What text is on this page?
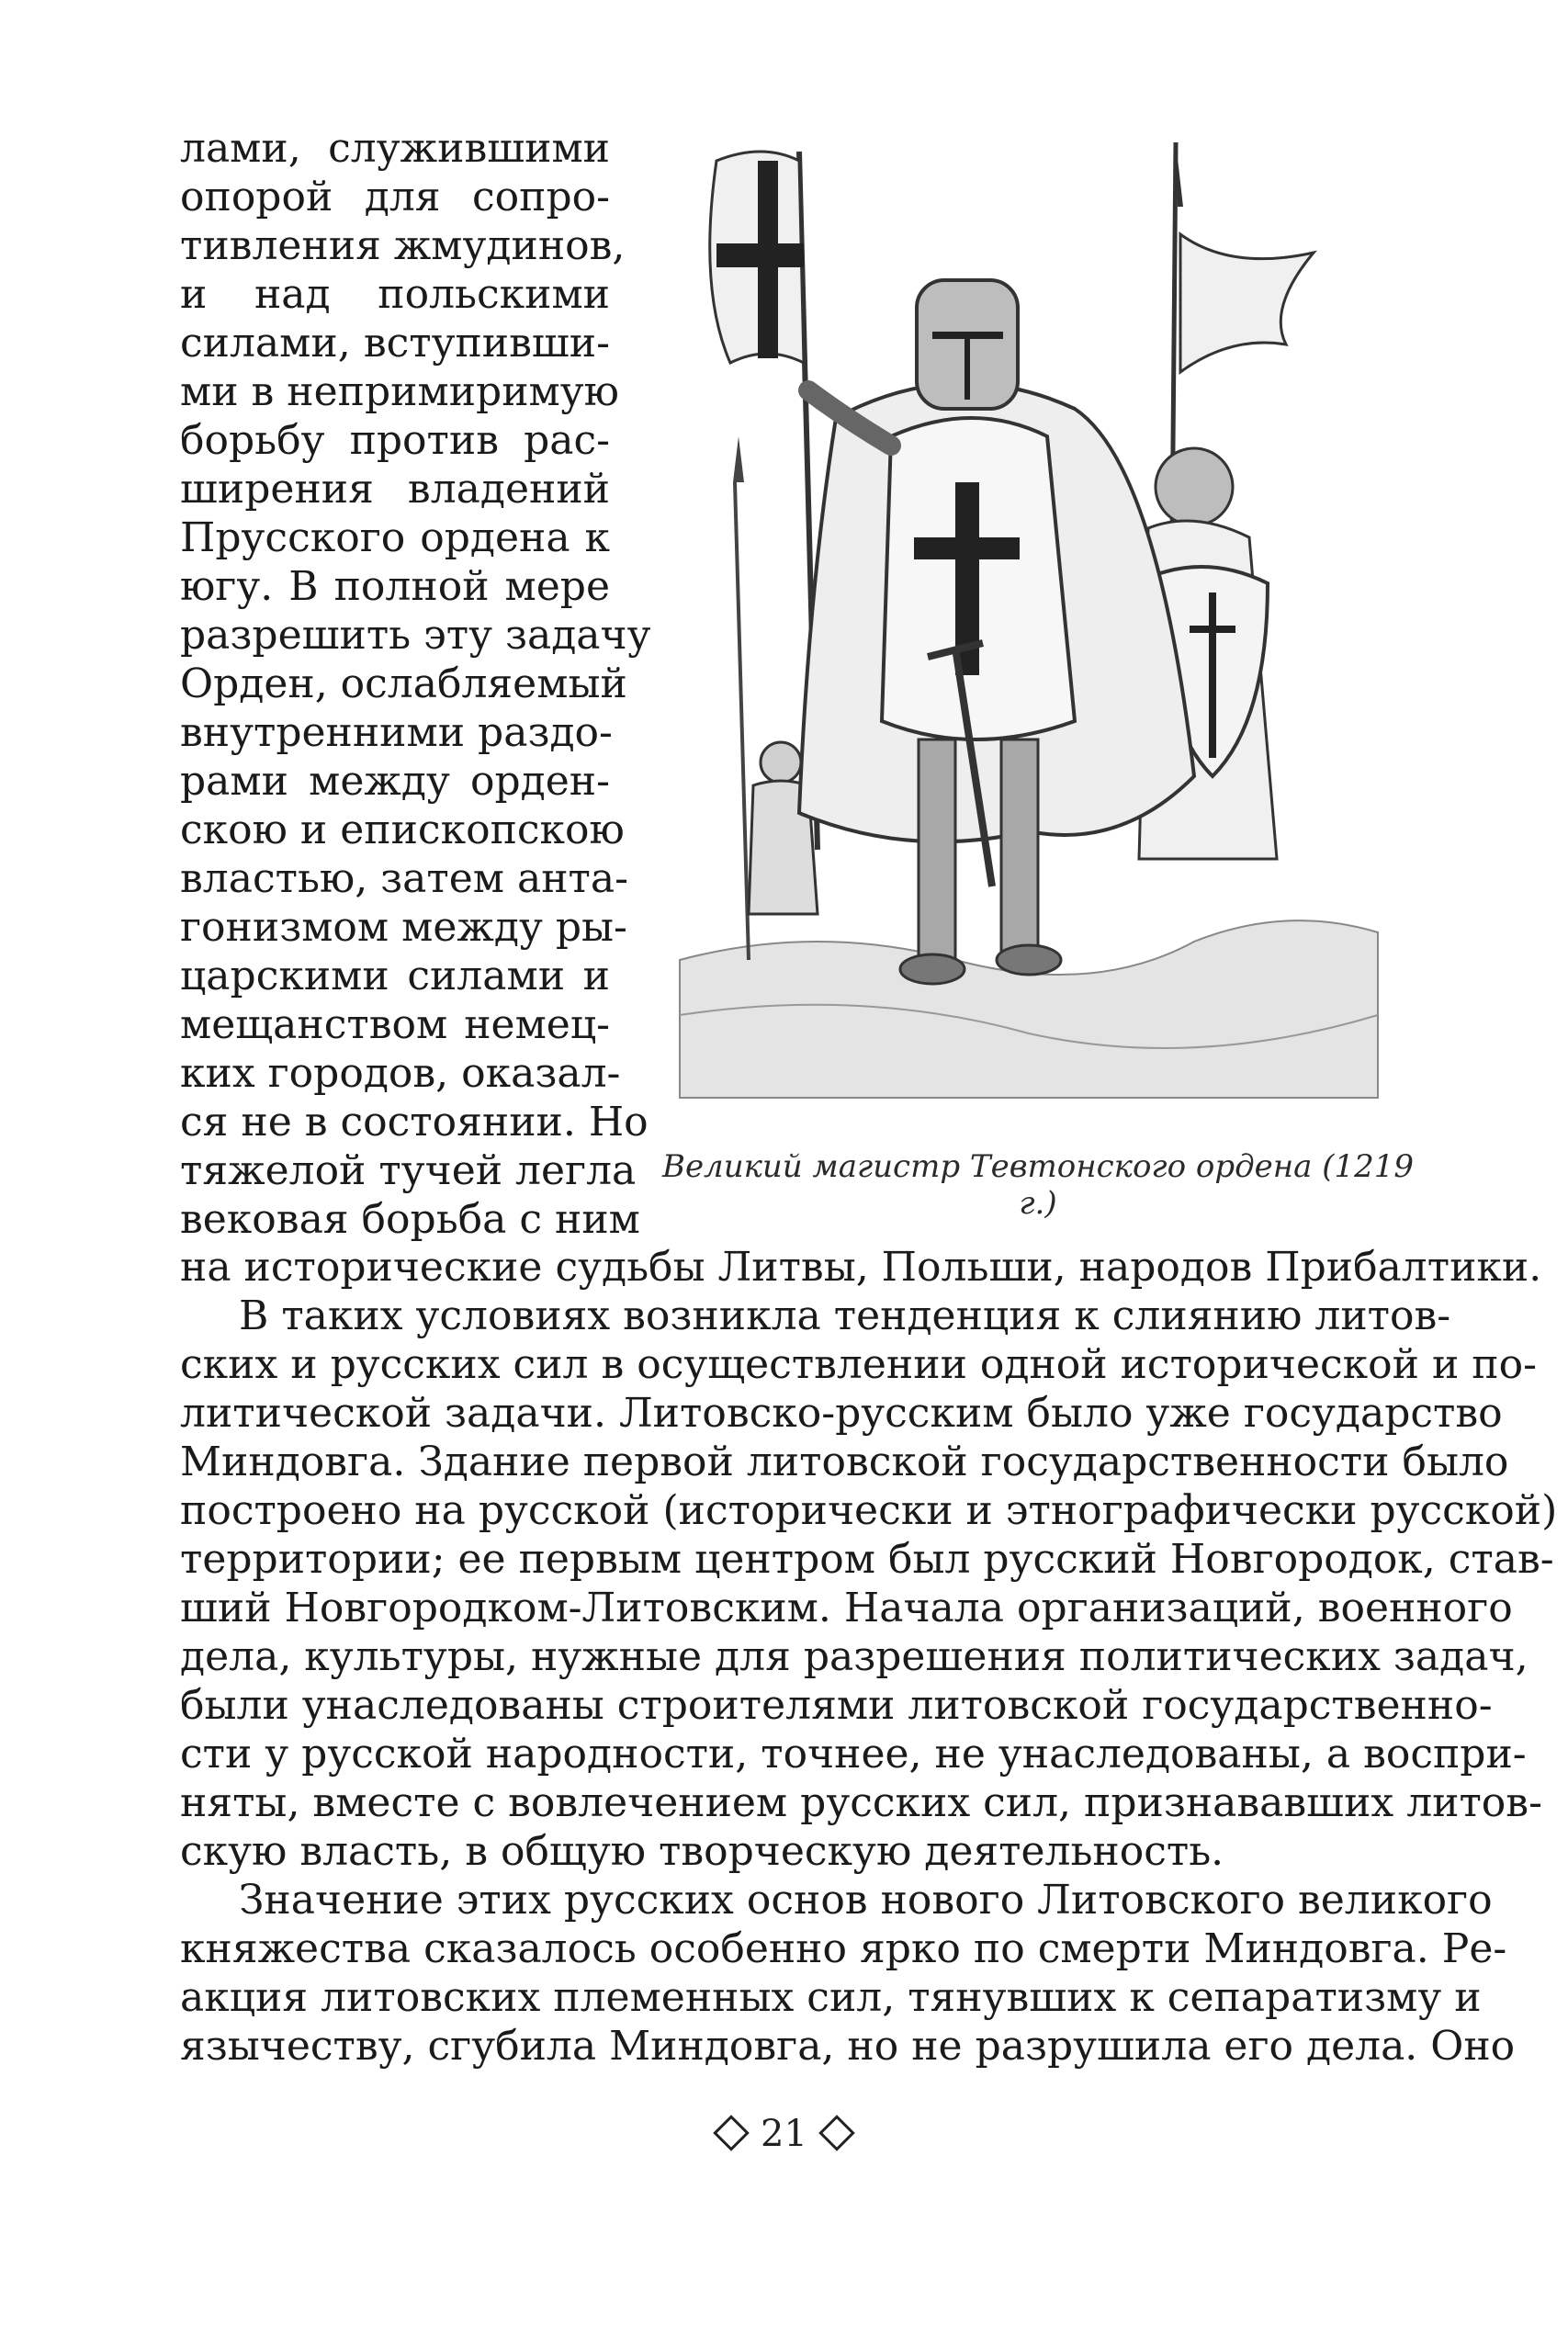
лами, служившими
опорой для сопро-
тивления жмудинов,
и над польскими
силами, вступивши-
ми в непримиримую
борьбу против рас-
ширения владений
Прусского ордена к
югу. В полной мере
разрешить эту задачу
Орден, ослабляемый
внутренними раздо-
рами между орден-
скою и епископскою
властью, затем анта-
гонизмом между ры-
царскими силами и
мещанством немец-
ких городов, оказал-
ся не в состоянии. Но
тяжелой тучей легла
вековая борьба с ним
Великий магистр Тевтонского ордена (1219 г.)
на исторические судьбы Литвы, Польши, народов Прибалтики.
В таких условиях возникла тенденция к слиянию литов-
ских и русских сил в осуществлении одной исторической и по-
литической задачи. Литовско-русским было уже государство
Миндовга. Здание первой литовской государственности было
построено на русской (исторически и этнографически русской)
территории; ее первым центром был русский Новгородок, став-
ший Новгородком-Литовским. Начала организаций, военного
дела, культуры, нужные для разрешения политических задач,
были унаследованы строителями литовской государственно-
сти у русской народности, точнее, не унаследованы, а воспри-
няты, вместе с вовлечением русских сил, признававших литов-
скую власть, в общую творческую деятельность.
Значение этих русских основ нового Литовского великого
княжества сказалось особенно ярко по смерти Миндовга. Ре-
акция литовских племенных сил, тянувших к сепаратизму и
язычеству, сгубила Миндовга, но не разрушила его дела. Оно
21
